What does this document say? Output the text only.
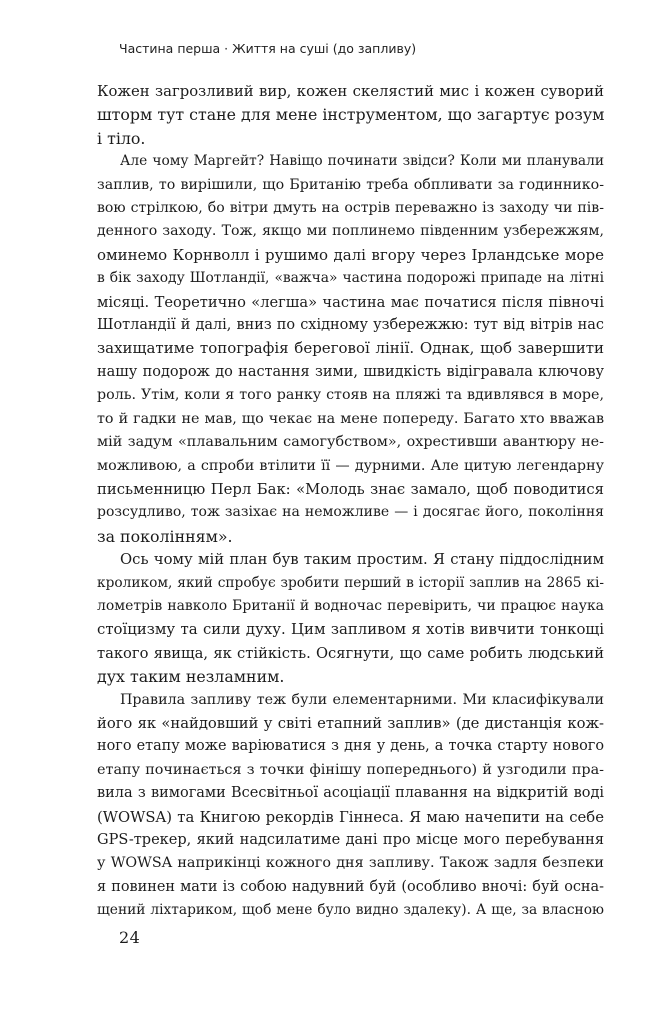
Частина перша · Життя на суші (до запливу)
Кожен загрозливий вир, кожен скелястий мис і кожен суворий
шторм тут стане для мене інструментом, що загартує розум
і тіло.
Але чому Маргейт? Навіщо починати звідси? Коли ми планували
заплив, то вирішили, що Британію треба обпливати за годиннико-
вою стрілкою, бо вітри дмуть на острів переважно із заходу чи пів-
денного заходу. Тож, якщо ми поплинемо південним узбережжям,
оминемо Корнволл і рушимо далі вгору через Ірландське море
в бік заходу Шотландії, «важча» частина подорожі припаде на літні
місяці. Теоретично «легша» частина має початися після півночі
Шотландії й далі, вниз по східному узбережжю: тут від вітрів нас
захищатиме топографія берегової лінії. Однак, щоб завершити
нашу подорож до настання зими, швидкість відігравала ключову
роль. Утім, коли я того ранку стояв на пляжі та вдивлявся в море,
то й гадки не мав, що чекає на мене попереду. Багато хто вважав
мій задум «плавальним самогубством», охрестивши авантюру не-
можливою, а спроби втілити її — дурними. Але цитую легендарну
письменницю Перл Бак: «Молодь знає замало, щоб поводитися
розсудливо, тож зазіхає на неможливе — і досягає його, покоління
за поколінням».
Ось чому мій план був таким простим. Я стану піддослідним
кроликом, який спробує зробити перший в історії заплив на 2865 кі-
лометрів навколо Британії й водночас перевірить, чи працює наука
стоїцизму та сили духу. Цим запливом я хотів вивчити тонкощі
такого явища, як стійкість. Осягнути, що саме робить людський
дух таким незламним.
Правила запливу теж були елементарними. Ми класифікували
його як «найдовший у світі етапний заплив» (де дистанція кож-
ного етапу може варіюватися з дня у день, а точка старту нового
етапу починається з точки фінішу попереднього) й узгодили пра-
вила з вимогами Всесвітньої асоціації плавання на відкритій воді
(WOWSA) та Книгою рекордів Гіннеса. Я маю начепити на себе
GPS-трекер, який надсилатиме дані про місце мого перебування
у WOWSA наприкінці кожного дня запливу. Також задля безпеки
я повинен мати із собою надувний буй (особливо вночі: буй осна-
щений ліхтариком, щоб мене було видно здалеку). А ще, за власною
24
